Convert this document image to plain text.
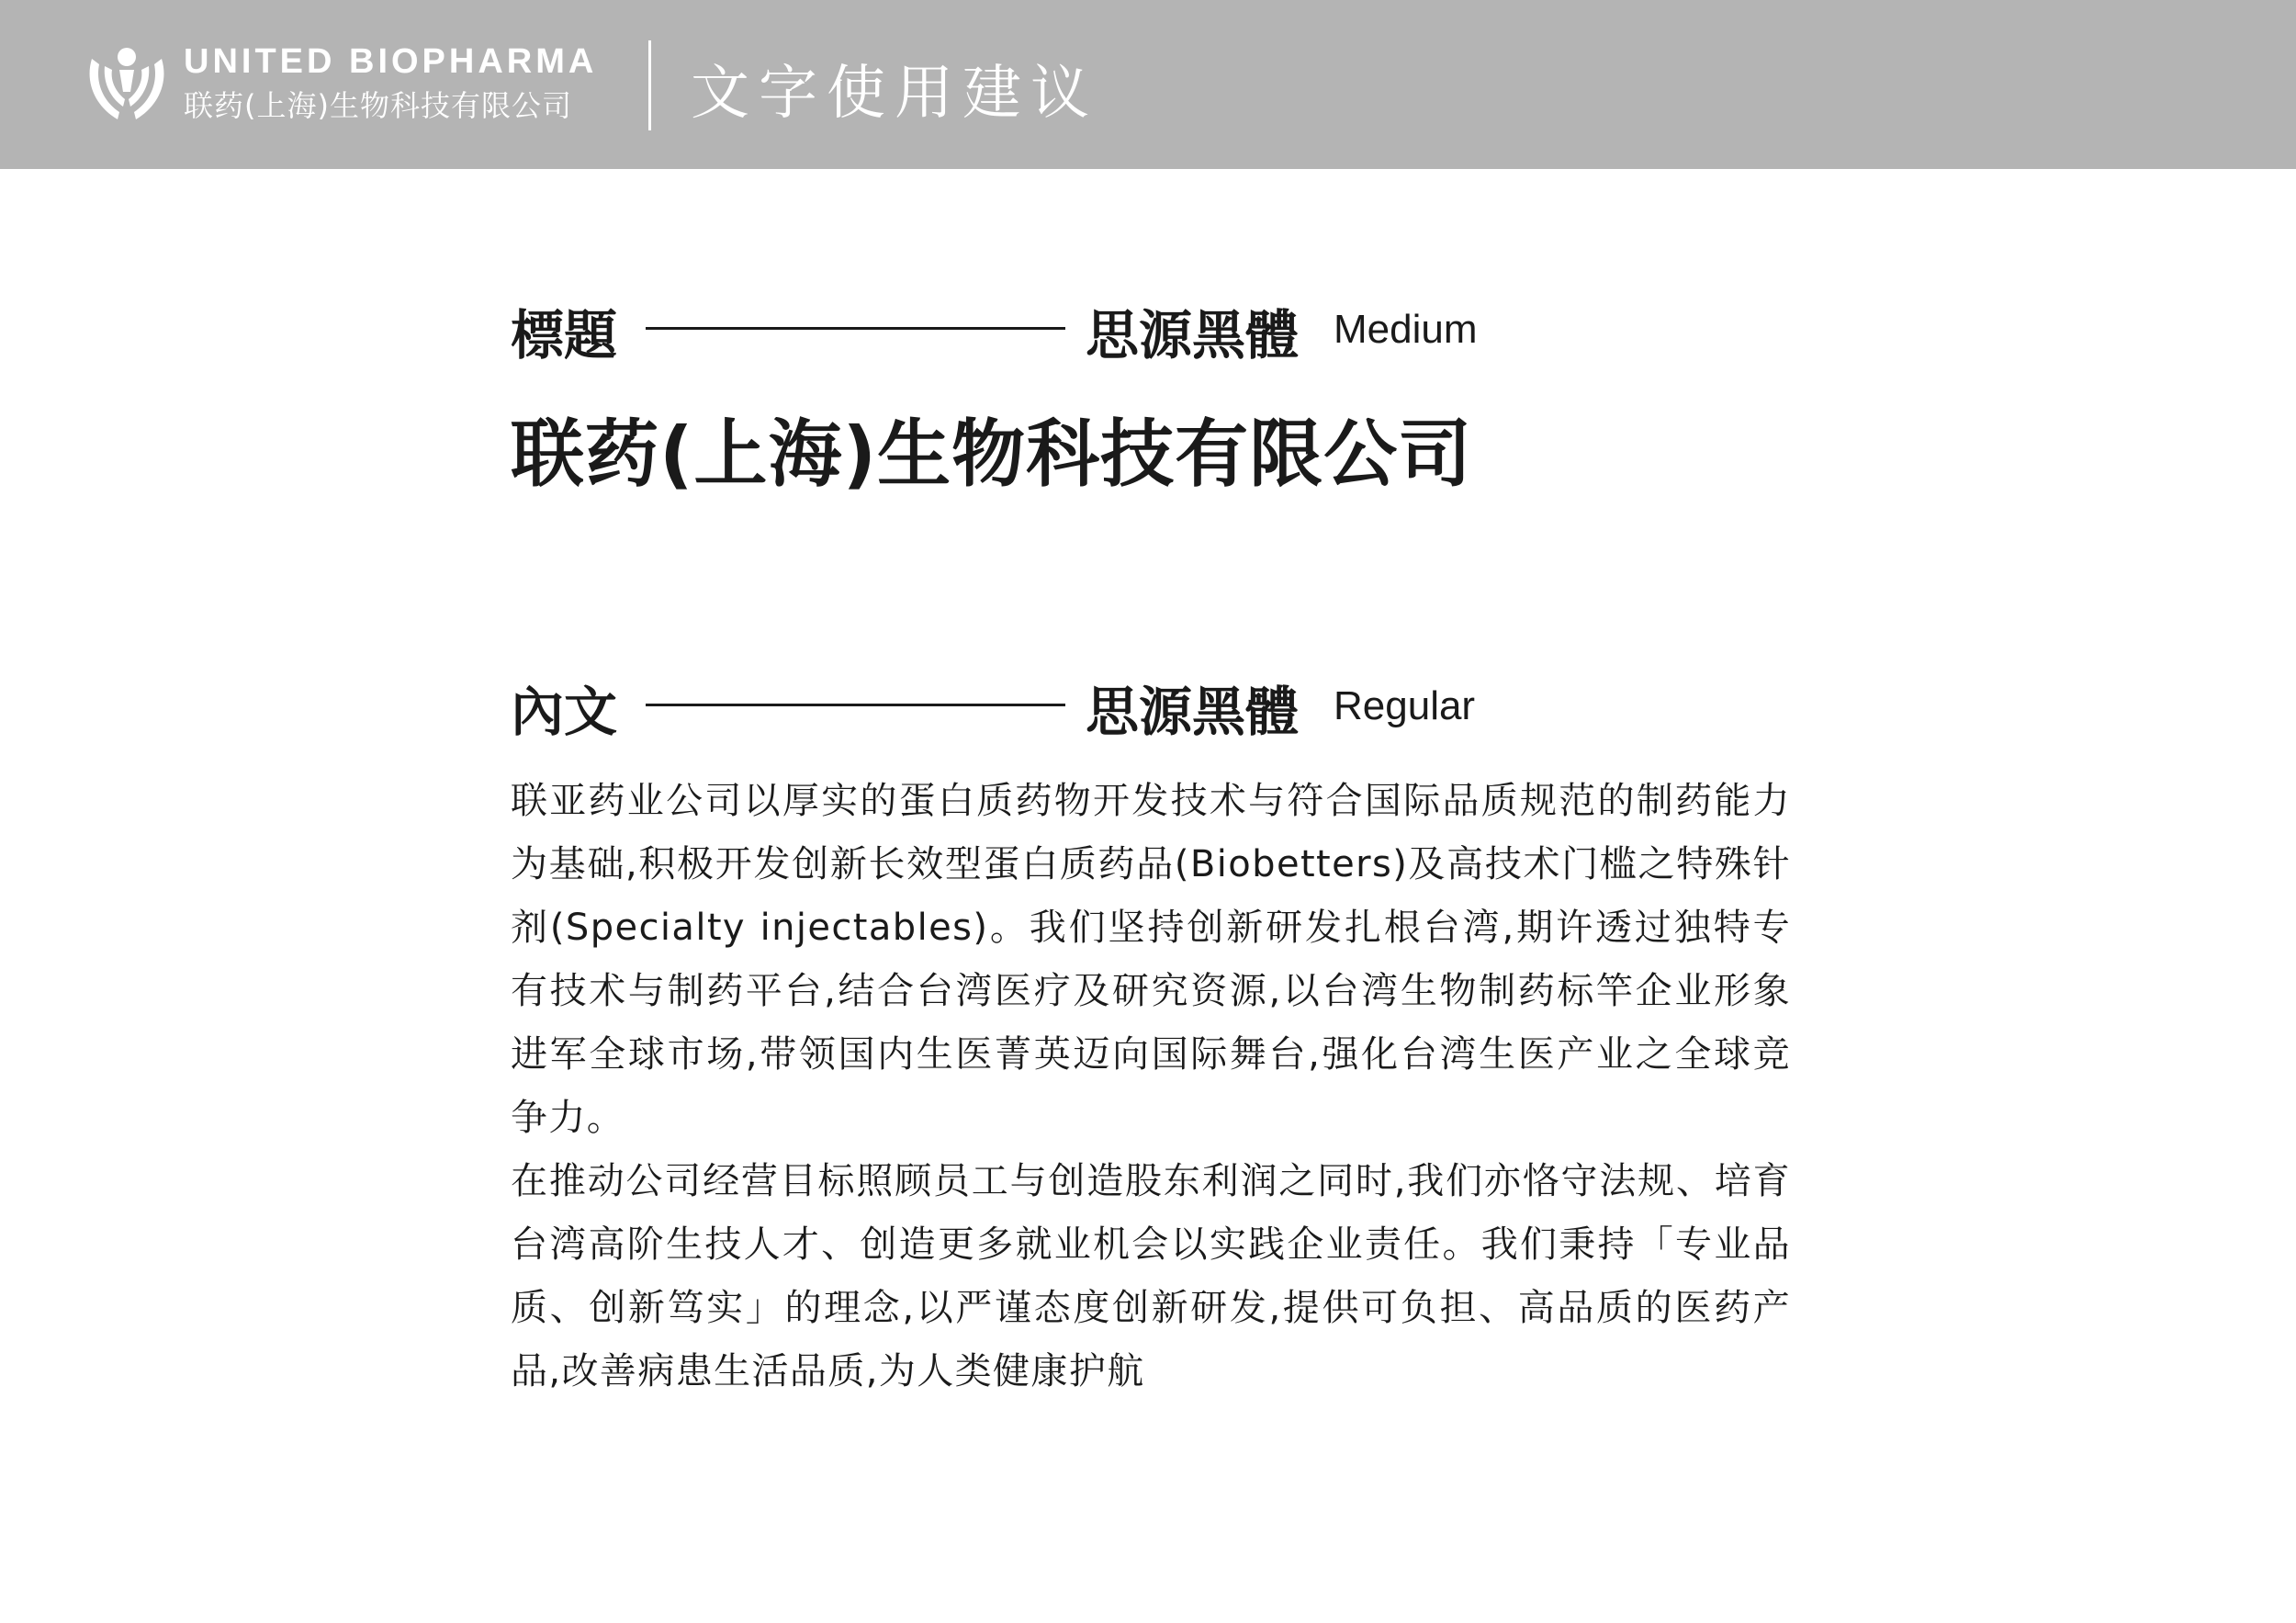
UNITED BIOPHARMA
联药(上海)生物科技有限公司 文字使用建议
標題	思源黑體 Medium
联药(上海)生物科技有限公司
內文	思源黑體 Regular

联亚药业公司以厚实的蛋白质药物开发技术与符合国际品质规范的制药能力为基础,积极开发创新长效型蛋白质药品(Biobetters)及高技术门槛之特殊针剂(Specialty injectables)。我们坚持创新研发扎根台湾,期许透过独特专有技术与制药平台,结合台湾医疗及研究资源,以台湾生物制药标竿企业形象进军全球市场,带领国内生医菁英迈向国际舞台,强化台湾生医产业之全球竞争力。

在推动公司经营目标照顾员工与创造股东利润之同时,我们亦恪守法规、培育台湾高阶生技人才、创造更多就业机会以实践企业责任。我们秉持「专业品质、创新笃实」的理念,以严谨态度创新研发,提供可负担、高品质的医药产品,改善病患生活品质,为人类健康护航
